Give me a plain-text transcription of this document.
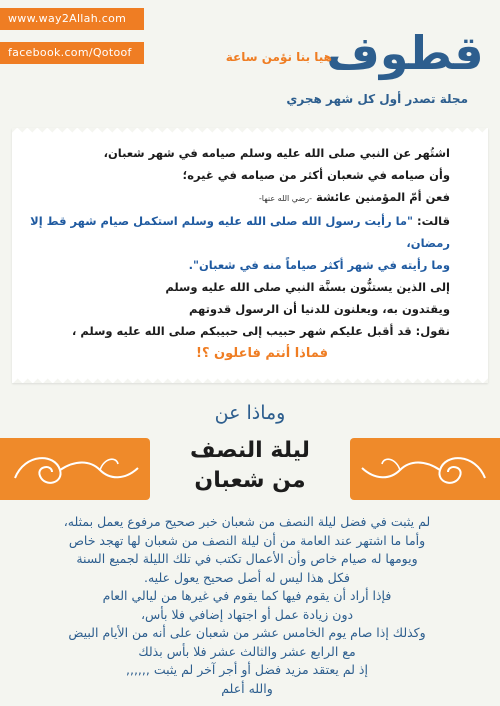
www.way2Allah.com
facebook.com/Qotoof	قطوف
هيا بنا نؤمن ساعة
مجلة تصدر أول كل شهر هجري

اشتُهر عن النبي صلى الله عليه وسلم صيامه في شهر شعبان،

وأن صيامه في شعبان أكثر من صيامه في غيره؛

فعن أمّ المؤمنين عائشة -رضي الله عنها-

قالت: "ما رأيت رسول الله صلى الله عليه وسلم استكمل صيام شهر قط إلا رمضان،

وما رأيته في شهر أكثر صياماً منه في شعبان".

إلى الذين يستنُّون بسنَّة النبي صلى الله عليه وسلم

ويقتدون به، ويعلنون للدنيا أن الرسول قدوتهم

نقول: قد أقبل عليكم شهر حبيب إلى حبيبكم صلى الله عليه وسلم ،

فماذا أنتم فاعلون ؟!
وماذا عن
ليلة النصف
من شعبان

لم يثبت في فضل ليلة النصف من شعبان خبر صحيح مرفوع يعمل بمثله،

وأما ما اشتهر عند العامة من أن ليلة النصف من شعبان لها تهجد خاص

ويومها له صيام خاص وأن الأعمال تكتب في تلك الليلة لجميع السنة

فكل هذا ليس له أصل صحيح يعول عليه.

فإذا أراد أن يقوم فيها كما يقوم في غيرها من ليالي العام

دون زيادة عمل أو اجتهاد إضافي فلا بأس،

وكذلك إذا صام يوم الخامس عشر من شعبان على أنه من الأيام البيض

مع الرابع عشر والثالث عشر فلا بأس بذلك

إذ لم يعتقد مزيد فضل أو أجر آخر لم يثبت ,,,,,,

والله أعلم
